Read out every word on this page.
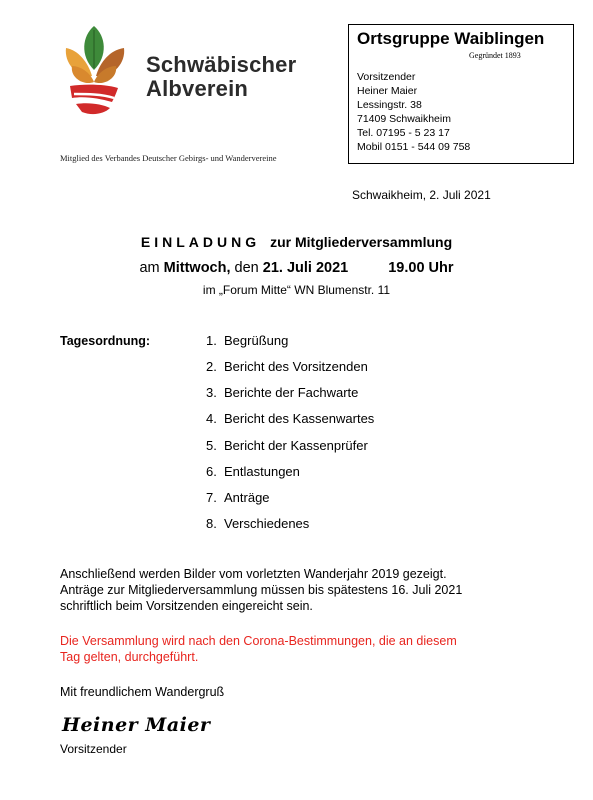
Schwäbischer
Albverein
Mitglied des Verbandes Deutscher Gebirgs- und Wandervereine
Ortsgruppe Waiblingen
Gegründet 1893
Vorsitzender
Heiner Maier
Lessingstr. 38
71409 Schwaikheim
Tel. 07195 - 5 23 17
Mobil 0151 - 544 09 758
Schwaikheim, 2. Juli 2021
EINLADUNG zur Mitgliederversammlung
am Mittwoch, den 21. Juli 2021	19.00 Uhr
im „Forum Mitte“ WN Blumenstr. 11
Tagesordnung:	1. Begrüßung
2. Bericht des Vorsitzenden
3. Berichte der Fachwarte
4. Bericht des Kassenwartes
5. Bericht der Kassenprüfer
6. Entlastungen
7. Anträge
8. Verschiedenes
Anschließend werden Bilder vom vorletzten Wanderjahr 2019 gezeigt.
Anträge zur Mitgliederversammlung müssen bis spätestens 16. Juli 2021
schriftlich beim Vorsitzenden eingereicht sein.
Die Versammlung wird nach den Corona-Bestimmungen, die an diesem
Tag gelten, durchgeführt.
Mit freundlichem Wandergruß
Heiner Maier
Vorsitzender
